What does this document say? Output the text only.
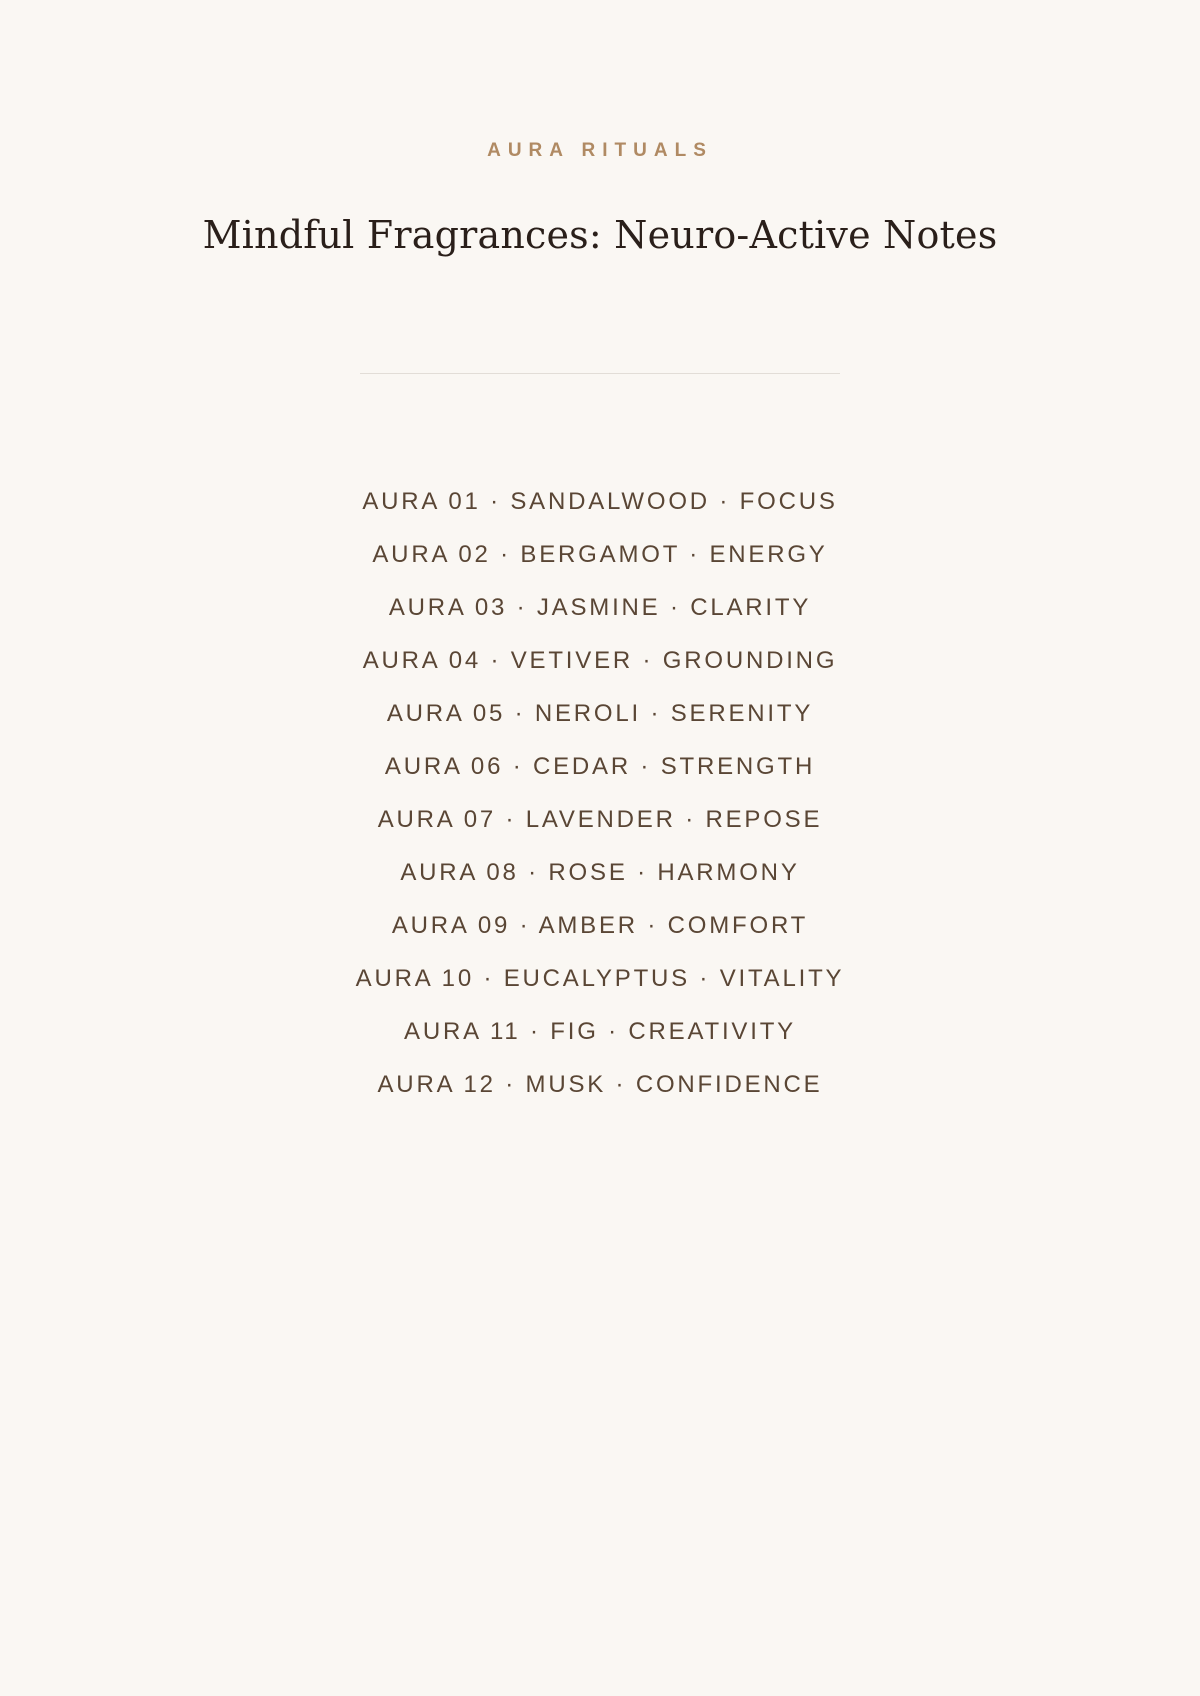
AURA RITUALS
Mindful Fragrances: Neuro-Active Notes
AURA 01 · SANDALWOOD · FOCUS
AURA 02 · BERGAMOT · ENERGY
AURA 03 · JASMINE · CLARITY
AURA 04 · VETIVER · GROUNDING
AURA 05 · NEROLI · SERENITY
AURA 06 · CEDAR · STRENGTH
AURA 07 · LAVENDER · REPOSE
AURA 08 · ROSE · HARMONY
AURA 09 · AMBER · COMFORT
AURA 10 · EUCALYPTUS · VITALITY
AURA 11 · FIG · CREATIVITY
AURA 12 · MUSK · CONFIDENCE
